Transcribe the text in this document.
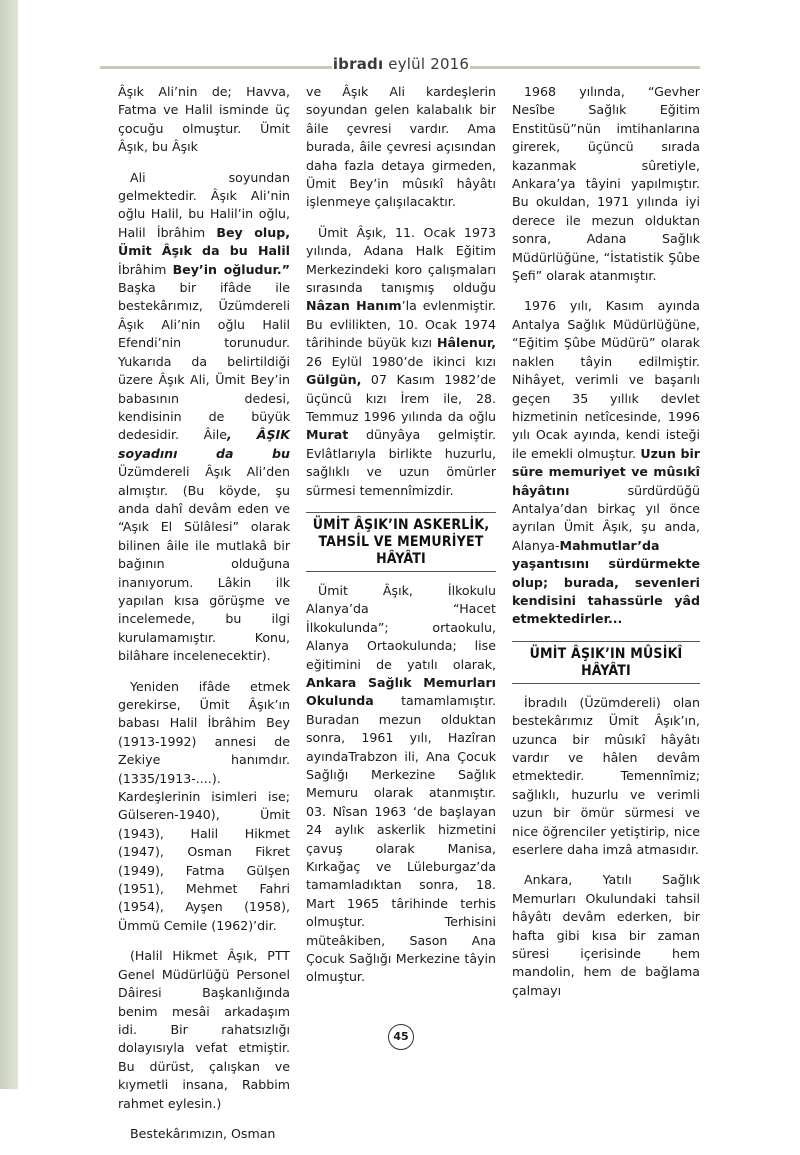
ibradı eylül 2016

Âşık Ali’nin de; Havva, Fatma ve Halil isminde üç çocuğu olmuştur. Ümit Âşık, bu Âşık

Ali soyundan gelmektedir. Âşık Ali’nin oğlu Halil, bu Halil’in oğlu, Halil İbrâhim Bey olup, Ümit Âşık da bu Halil İbrâhim Bey’in oğludur.” Başka bir ifâde ile bestekârımız, Üzümdereli Âşık Ali’nin oğlu Halil Efendi’nin torunudur. Yukarıda da belirtildiği üzere Âşık Ali, Ümit Bey’in babasının dedesi, kendisinin de büyük dedesidir. Âile, ÂŞIK soyadını da bu Üzümdereli Âşık Ali’den almıştır. (Bu köyde, şu anda dahî devâm eden ve “Aşık El Sülâlesi” olarak bilinen âile ile mutlakâ bir bağının olduğuna inanıyorum. Lâkin ilk yapılan kısa görüşme ve incelemede, bu ilgi kurulamamıştır. Konu, bilâhare incelenecektir).

Yeniden ifâde etmek gerekirse, Ümit Âşık’ın babası Halil İbrâhim Bey (1913-1992) annesi de Zekiye hanımdır.(1335/1913-....). Kardeşlerinin isimleri ise; Gülseren-1940), Ümit (1943), Halil Hikmet (1947), Osman Fikret (1949), Fatma Gülşen (1951), Mehmet Fahri (1954), Ayşen (1958), Ümmü Cemile (1962)’dir.

(Halil Hikmet Âşık, PTT Genel Müdürlüğü Personel Dâiresi Başkanlığında benim mesâi arkadaşım idi. Bir rahatsızlığı dolayısıyla vefat etmiştir. Bu dürüst, çalışkan ve kıymetli insana, Rabbim rahmet eylesin.)

Bestekârımızın, Osman

ve Âşık Ali kardeşlerin soyundan gelen kalabalık bir âile çevresi vardır. Ama burada, âile çevresi açısından daha fazla detaya girmeden, Ümit Bey’in mûsıkî hâyâtı işlenmeye çalışılacaktır.

Ümit Âşık, 11. Ocak 1973 yılında, Adana Halk Eğitim Merkezindeki koro çalışmaları sırasında tanışmış olduğu Nâzan Hanım’la evlenmiştir. Bu evlilikten, 10. Ocak 1974 târihinde büyük kızı Hâlenur, 26 Eylül 1980’de ikinci kızı Gülgün, 07 Kasım 1982’de üçüncü kızı İrem ile, 28. Temmuz 1996 yılında da oğlu Murat dünyâya gelmiştir. Evlâtlarıyla birlikte huzurlu, sağlıklı ve uzun ömürler sürmesi temennîmizdir.

ÜMİT ÂŞIK’IN ASKERLİK,
TAHSİL VE MEMURİYET
HÂYÂTI

Ümit Âşık, İlkokulu Alanya’da “Hacet İlkokulunda”; ortaokulu, Alanya Ortaokulunda; lise eğitimini de yatılı olarak, Ankara Sağlık Memurları Okulunda tamamlamıştır. Buradan mezun olduktan sonra, 1961 yılı, Hazîran ayındaTrabzon ili, Ana Çocuk Sağlığı Merkezine Sağlık Memuru olarak atanmıştır. 03. Nîsan 1963 ‘de başlayan 24 aylık askerlik hizmetini çavuş olarak Manisa, Kırkağaç ve Lüleburgaz’da tamamladıktan sonra, 18. Mart 1965 târihinde terhis olmuştur. Terhisini müteâkiben, Sason Ana Çocuk Sağlığı Merkezine tâyin olmuştur.

1968 yılında, “Gevher Nesîbe Sağlık Eğitim Enstitüsü”nün imtihanlarına girerek, üçüncü sırada kazanmak sûretiyle, Ankara’ya tâyini yapılmıştır. Bu okuldan, 1971 yılında iyi derece ile mezun olduktan sonra, Adana Sağlık Müdürlüğüne, “İstatistik Şûbe Şefi” olarak atanmıştır.

1976 yılı, Kasım ayında Antalya Sağlık Müdürlüğüne, “Eğitim Şûbe Müdürü” olarak naklen tâyin edilmiştir. Nihâyet, verimli ve başarılı geçen 35 yıllık devlet hizmetinin netîcesinde, 1996 yılı Ocak ayında, kendi isteği ile emekli olmuştur. Uzun bir süre memuriyet ve mûsıkî hâyâtını sürdürdüğü Antalya’dan birkaç yıl önce ayrılan Ümit Âşık, şu anda, Alanya-Mahmutlar’da yaşantısını sürdürmekte olup; burada, sevenleri kendisini tahassürle yâd etmektedirler...

ÜMİT ÂŞIK’IN MÛSİKÎ
HÂYÂTI

İbradılı (Üzümdereli) olan bestekârımız Ümit Âşık’ın, uzunca bir mûsıkî hâyâtı vardır ve hâlen devâm etmektedir. Temennîmiz; sağlıklı, huzurlu ve verimli uzun bir ömür sürmesi ve nice öğrenciler yetiştirip, nice eserlere daha imzâ atmasıdır.

Ankara, Yatılı Sağlık Memurları Okulundaki tahsil hâyâtı devâm ederken, bir hafta gibi kısa bir zaman süresi içerisinde hem mandolin, hem de bağlama çalmayı

45
